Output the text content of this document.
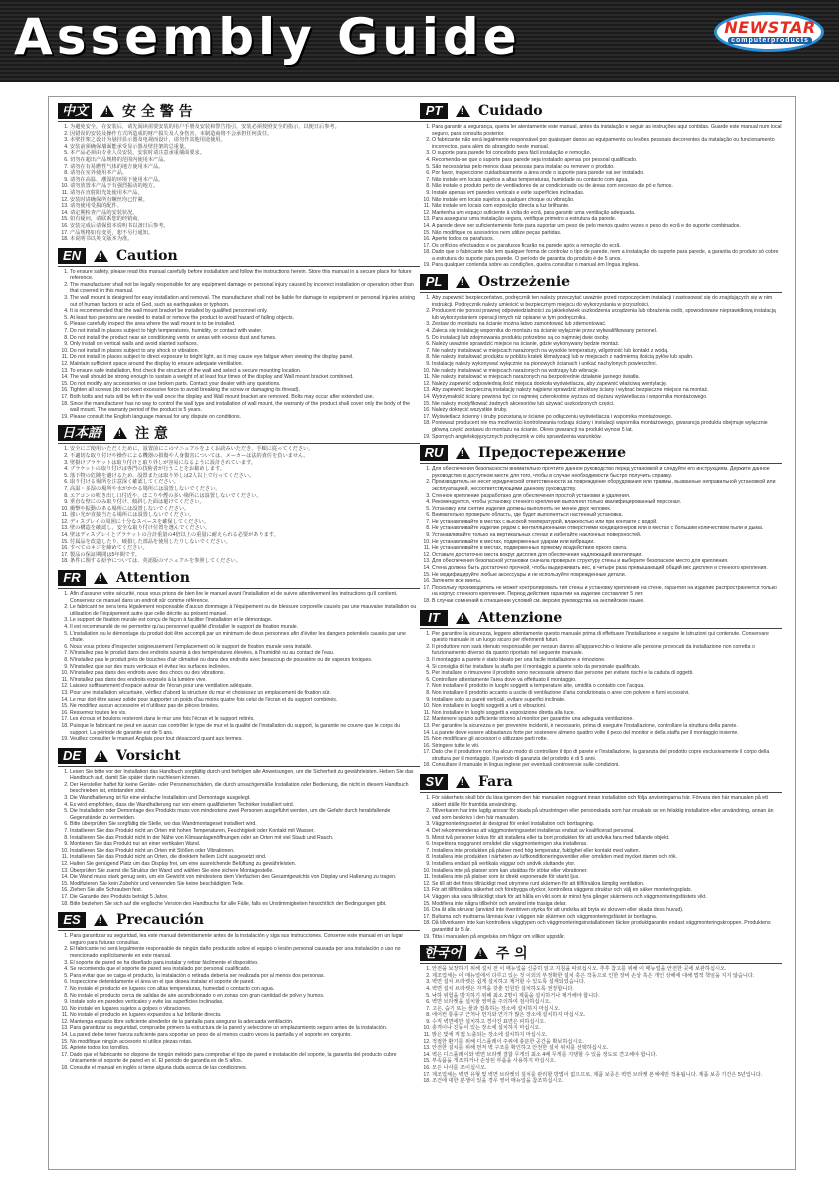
Assembly Guide	NEWSTAR
computerproducts
中文 ! 安 全 警 告
1. 为避免安全，在安装后，请先阅读需要安装的用户手册及安装和警告指引，安装必须按照安全的指示，以便日后参考。
2. 因错误的安装及操作方式所造成的财产损失及人身伤害，本制造商将不会承担任何责任。
3. 本壁挂架之设计为悬挂显示器及电视而设计，请勿作其他用途使用。
4. 安装前须确保墙面能承受显示器及壁挂架的总重量。
5. 本产品必须由专业人员安装，安装时请注意承重墙面要求。
6. 切勿在超出产品规格的范围内使用本产品。
7. 请勿在有易燃性气体的地方使用本产品。
8. 请勿在室外使用本产品。
9. 请勿在高温、潮湿的环境下使用本产品。
10. 请勿放置本产品于有强烈振动的地方。
11. 请勿在直射阳光处使用本产品。
12. 安装时请确保所有螺丝均已拧紧。
13. 请勿使用受损的配件。
14. 请定期检查产品的安装状况。
15. 如有疑问，请联系您的经销商。
16. 安装完成后请保留本说明书以备日后参考。
17. 产品规格如有变更，恕不另行通知。
18. 本说明书以英文版本为准。
EN !	Caution
1. To ensure safety, please read this manual carefully before installation and follow the instructions herein. Store this manual in a secure place for future reference.
2. The manufacturer shall not be legally responsible for any equipment damage or personal injury caused by incorrect installation or operation other than that covered in this manual.
3. The wall mount is designed for easy installation and removal. The manufacturer shall not be liable for damage to equipment or personal injuries arising out of human factors or acts of God, such as earthquakes or typhoon.
4. It is recommended that the wall mount bracket be installed by qualified personnel only.
5. At least two persons are needed to install or remove the product to avoid hazard of falling objects.
6. Please carefully inspect the area where the wall mount is to be installed.
7. Do not install in places subject to high temperatures, humidity, or contact with water.
8. Do not install the product near air conditioning vents or areas with excess dust and fumes.
9. Only install on vertical walls and avoid slanted surfaces.
10. Do not install in places subject to any shock or vibration.
11. Do not install in places subject to direct exposure to bright light, as it may cause eye fatigue when viewing the display panel.
12. Maintain sufficient space around the display to ensure adequate ventilation.
13. To ensure safe installation, first check the structure of the wall and select a secure mounting location.
14. The wall should be strong enough to sustain a weight of at least four times of the display and Wall mount bracket combined.
15. Do not modify any accessories or use broken parts. Contact your dealer with any questions.
16. Tighten all screws (do not exert excessive force to avoid breaking the screw or damaging its thread).
17. Both bolts and nuts will be left in the wall once the display and Wall mount bracket are removed. Bolts may occur after extended use.
18. Since the manufacturer has no way to control the wall type and installation of wall mount, the warranty of the product shall cover only the body of the wall mount. The warranty period of the product is 5 years.
19. Please consult the English language manual for any dispute on conditions.
日本語 ! 注 意
1. 安全にご使用いただくために、設置前にこのマニュアルをよくお読みいただき、手順に従ってください。
2. 不適切な取り付けや操作による機器の損傷や人身傷害については、メーカーは法的責任を負いません。
3. 壁掛けブラケットは取り付けと取り外しが容易になるように設計されています。
4. ブラケットの取り付けは専門の技術者が行うことをお勧めします。
5. 落下物の危険を避けるため、設置または取り外しは2人以上で行ってください。
6. 取り付ける場所を注意深く確認してください。
7. 高温・多湿の場所や水がかかる場所には設置しないでください。
8. エアコンの吹き出し口付近や、ほこりや煙の多い場所には設置しないでください。
9. 垂直な壁にのみ取り付け、傾斜した面は避けてください。
10. 衝撃や振動のある場所には設置しないでください。
11. 強い光が直接当たる場所には設置しないでください。
12. ディスプレイの周囲に十分なスペースを確保してください。
13. 壁の構造を確認し、安全な取り付け位置を選んでください。
14. 壁はディスプレイとブラケットの合計重量の4倍以上の重量に耐えられる必要があります。
15. 付属品を改造したり、破損した部品を使用したりしないでください。
16. すべてのネジを締めてください。
17. 製品の保証期間は5年間です。
18. 条件に関する紛争については、英語版のマニュアルを参照してください。
FR !	Attention
1. Afin d'assurer votre sécurité, nous vous prions de bien lire le manuel avant l'installation et de suivre attentivement les instructions qu'il contient. Conservez ce manuel dans un endroit sûr comme référence.
2. Le fabricant ne sera tenu légalement responsable d'aucun dommage à l'équipement ou de blessure corporelle causés par une mauvaise installation ou utilisation de l'équipement autre que celle décrite au présent manuel.
3. Le support de fixation murale est conçu de façon à faciliter l'installation et le démontage.
4. Il est recommandé de ne permettre qu'au personnel qualifié d'installer le support de fixation murale.
5. L'installation ou le démontage du produit doit être accompli par un minimum de deux personnes afin d'éviter les dangers potentiels causés par une chute.
6. Nous vous prions d'inspecter soigneusement l'emplacement où le support de fixation murale sera installé.
7. N'installez pas le produit dans des endroits soumis à des températures élevées, à l'humidité ou au contact de l'eau.
8. N'installez pas le produit près de bouches d'air climatisé ou dans des endroits avec beaucoup de poussière ou de vapeurs toxiques.
9. N'installez que sur des murs verticaux et évitez les surfaces inclinées.
10. N'installez pas dans des endroits avec des chocs ou des vibrations.
11. N'installez pas dans des endroits exposés à la lumière vive.
12. Laissez suffisamment d'espace autour de l'écran pour une ventilation adéquate.
13. Pour une installation sécuritaire, vérifiez d'abord la structure du mur et choisissez un emplacement de fixation sûr.
14. Le mur doit être assez solide pour supporter un poids d'au moins quatre fois celui de l'écran et du support combinés.
15. Ne modifiez aucun accessoire et n'utilisez pas de pièces brisées.
16. Resserrez toutes les vis.
17. Les écrous et boulons resteront dans le mur une fois l'écran et le support retirés.
18. Puisque le fabricant ne peut en aucun cas contrôler le type de mur et la qualité de l'installation du support, la garantie ne couvre que le corps du support. La période de garantie est de 5 ans.
19. Veuillez consulter le manuel Anglais pour tout désaccord quant aux termes.
DE !	Vorsicht
1. Lesen Sie bitte vor der Installation das Handbuch sorgfältig durch und befolgen alle Anweisungen, um die Sicherheit zu gewährleisten. Heben Sie das Handbuch auf, damit Sie später darin nachlesen können.
2. Der Hersteller haftet für keine Geräte- oder Personenschäden, die durch unsachgemäße Installation oder Bedienung, die nicht in diesem Handbuch beschrieben ist, entstanden sind.
3. Die Wandhalterung ist für eine einfache Installation und Demontage ausgelegt.
4. Es wird empfohlen, dass die Wandhalterung nur von einem qualifizierten Techniker installiert wird.
5. Die Installation oder Demontage des Produkts muss von mindestens zwei Personen ausgeführt werden, um die Gefahr durch herabfallende Gegenstände zu vermeiden.
6. Bitte überprüfen Sie sorgfältig die Stelle, wo das Wandmontageset installiert wird.
7. Installieren Sie das Produkt nicht an Orten mit hohen Temperaturen, Feuchtigkeit oder Kontakt mit Wasser.
8. Installieren Sie das Produkt nicht in der Nähe von Klimaanlagenöffnungen oder an Orten mit viel Staub und Rauch.
9. Montieren Sie das Produkt nur an einer vertikalen Wand.
10. Installieren Sie das Produkt nicht an Orten mit Stößen oder Vibrationen.
11. Installieren Sie das Produkt nicht an Orten, die direktem hellem Licht ausgesetzt sind.
12. Halten Sie genügend Platz um das Display frei, um eine ausreichende Belüftung zu gewährleisten.
13. Überprüfen Sie zuerst die Struktur der Wand und wählen Sie eine sichere Montagestelle.
14. Die Wand muss stark genug sein, um ein Gewicht von mindestens dem Vierfachen des Gesamtgewichts von Display und Halterung zu tragen.
15. Modifizieren Sie kein Zubehör und verwenden Sie keine beschädigten Teile.
16. Ziehen Sie alle Schrauben fest.
17. Die Garantie des Produkts beträgt 5 Jahre.
18. Bitte beziehen Sie sich auf die englische Version des Handbuchs für alle Fälle, falls es Unstimmigkeiten hinsichtlich der Bedingungen gibt.
ES !	Precaución
1. Para garantizar su seguridad, lea este manual detenidamente antes de la instalación y siga sus instrucciones. Conserve este manual en un lugar seguro para futuras consultas.
2. El fabricante no será legalmente responsable de ningún daño producido sobre el equipo o lesión personal causada por una instalación o uso no mencionado explícitamente en este manual.
3. El soporte de pared se ha diseñado para instalar y retirar fácilmente el dispositivo.
4. Se recomienda que el soporte de pared sea instalado por personal cualificado.
5. Para evitar que se caiga el producto, la instalación o retirada debería ser realizada por al menos dos personas.
6. Inspeccione detenidamente el área en el que desea instalar el soporte de pared.
7. No instale el producto en lugares con altas temperaturas, humedad o contacto con agua.
8. No instale el producto cerca de salidas de aire acondicionado o en zonas con gran cantidad de polvo y humos.
9. Instale solo en paredes verticales y evite las superficies inclinadas.
10. No instale en lugares sujetos a golpes o vibraciones.
11. No instale el producto en lugares expuestos a luz brillante directa.
12. Mantenga espacio libre suficiente alrededor de la pantalla para asegurar la adecuada ventilación.
13. Para garantizar su seguridad, compruebe primero la estructura de la pared y seleccione un emplazamiento seguro antes de la instalación.
14. La pared debe tener fuerza suficiente para soportar un peso de al menos cuatro veces la pantalla y el soporte en conjunto.
15. No modifique ningún accesorio ni utilice piezas rotas.
16. Apriete todos los tornillos.
17. Dado que el fabricante no dispone de ningún método para comprobar el tipo de pared e instalación del soporte, la garantía del producto cubre únicamente el soporte de pared en sí. El periodo de garantía es de 5 años.
18. Consulte el manual en inglés si tiene alguna duda acerca de las condiciones.
PT !	Cuidado
1. Para garantir a segurança, queira ler atentamente este manual, antes da instalação e seguir as instruções aqui contidas. Guarde este manual num local seguro, para consulta posterior.
2. O fabricante não será legalmente responsável por quaisquer danos ao equipamento ou lesões pessoais decorrentes da instalação ou funcionamento incorrectos, para além do abrangido neste manual.
3. O suporte para parede foi concebido para fácil instalação e remoção.
4. Recomenda-se que o suporte para parede seja instalado apenas por pessoal qualificado.
5. São necessárias pelo menos duas pessoas para instalar ou remover o produto.
6. Por favor, inspeccione cuidadosamente a área onde o suporte para parede vai ser instalado.
7. Não instale em locais sujeitos a altas temperaturas, humidade ou contacto com água.
8. Não instale o produto perto de ventiladores de ar condicionado ou de áreas com excesso de pó e fumos.
9. Instale apenas em paredes verticais e evite superfícies inclinadas.
10. Não instale em locais sujeitos a qualquer choque ou vibração.
11. Não instale em locais com exposição directa a luz brilhante.
12. Mantenha um espaço suficiente à volta do ecrã, para garantir uma ventilação adequada.
13. Para assegurar uma instalação segura, verifique primeiro a estrutura da parede.
14. A parede deve ser suficientemente forte para suportar um peso de pelo menos quatro vezes o peso do ecrã e do suporte combinados.
15. Não modifique os acessórios nem utilize peças partidas.
16. Aperte todos os parafusos.
17. Os orifícios efectuados e os parafusos ficarão na parede após a remoção do ecrã.
18. Dado que o fabricante não tem qualquer forma de controlar o tipo de parede, nem a instalação do suporte para parede, a garantia do produto só cobre a estrutura do suporte para parede. O período de garantia do produto é de 5 anos.
19. Para qualquer contenda sobre as condições, queira consultar o manual em língua inglesa.
PL !	Ostrzeżenie
1. Aby zapewnić bezpieczeństwo, podręcznik ten należy przeczytać uważnie przed rozpoczęciem instalacji i zastosować się do znajdujących się w nim instrukcji. Podręcznik należy umieścić w bezpiecznym miejscu do wykorzystania w przyszłości.
2. Producent nie ponosi prawnej odpowiedzialności za jakiekolwiek uszkodzenia urządzenia lub obrażenia osób, spowodowane nieprawidłową instalacją lub wykorzystaniem operacji innych niż opisane w tym podręczniku.
3. Zestaw do montażu na ścianie można łatwo zamontować lub zdemontować.
4. Zaleca się instalację wspornika do montażu na ścianie wyłącznie przez wykwalifikowany personel.
5. Do instalacji lub zdejmowania produktu potrzebne są co najmniej dwie osoby.
6. Należy uważnie sprawdzić miejsce na ścianie, gdzie wykonywany będzie montaż.
7. Nie należy instalować w miejscach narażonych na wysokie temperatury, wilgotność lub kontakt z wodą.
8. Nie należy instalować produktu w pobliżu kratek klimatyzacji lub w miejscach z nadmierną ilością pyłów lub spalin.
9. Instalację należy wykonywać wyłącznie na pionowych ścianach i unikać nachylonych powierzchni.
10. Nie należy instalować w miejscach narażonych na wstrząsy lub wibracje.
11. Nie należy instalować w miejscach narażonych na bezpośrednie działanie jasnego światła.
12. Należy zapewnić odpowiednią ilość miejsca dookoła wyświetlacza, aby zapewnić właściwą wentylację.
13. Aby zapewnić bezpieczną instalację należy najpierw sprawdzić strukturę ściany i wybrać bezpieczne miejsce na montaż.
14. Wytrzymałość ściany powinna być co najmniej czterokrotnie wyższa od ciężaru wyświetlacza i wspornika montażowego.
15. Nie należy modyfikować żadnych akcesoriów lub używać uszkodzonych części.
16. Należy dokręcić wszystkie śruby.
17. Wyświetlacz ścienny i śruby pozostaną w ścianie po odłączeniu wyświetlacza i wspornika montażowego.
18. Ponieważ producent nie ma możliwości kontrolowania rodzaju ściany i instalacji wspornika montażowego, gwarancja produktu obejmuje wyłącznie główną część zestawu do montażu na ścianie. Okres gwarancji na produkt wynosi 5 lat.
19. Spornych angielskojęzycznych podręcznik w celu sprawdzenia warunków.
RU !	Предостережение
1. Для обеспечения безопасности внимательно прочтите данное руководство перед установкой и следуйте его инструкциям. Держите данное руководство в доступном месте для того, чтобы в случае необходимости быстро получить справку.
2. Производитель не несет юридической ответственности за повреждение оборудования или травмы, вызванные неправильной установкой или эксплуатацией, несоответствующими данному руководству.
3. Стенное крепление разработано для обеспечения простой установки и удаления.
4. Рекомендуется, чтобы установку стенного крепления выполнял только квалифицированный персонал.
5. Установку или снятие изделия должны выполнять не менее двух человек.
6. Внимательно проверьте область, где будет выполняться настенный установка.
7. Не устанавливайте в местах с высокой температурой, влажностью или при контакте с водой.
8. Не устанавливайте изделие рядом с вентиляционными отверстиями кондиционеров или в местах с большим количеством пыли и дыма.
9. Устанавливайте только на вертикальных стенах и избегайте наклонных поверхностей.
10. Не устанавливайте в местах, подверженных ударам или вибрации.
11. Не устанавливайте в местах, подверженных прямому воздействию яркого света.
12. Оставьте достаточно места вокруг дисплея для обеспечения надлежащей вентиляции.
13. Для обеспечения безопасной установки сначала проверьте структуру стены и выберите безопасное место для крепления.
14. Стена должна быть достаточно прочной, чтобы выдерживать вес, в четыре раза превышающий общий вес дисплея и стенного крепления.
15. Не модифицируйте любые аксессуары и не используйте поврежденные детали.
16. Затяните все винты.
17. Поскольку производитель не может контролировать тип стены и установку крепления на стене, гарантия на изделие распространяется только на корпус стенного крепления. Период действия гарантии на изделие составляет 5 лет.
18. В случае сомнений в отношении условий см. версию руководства на английском языке.
IT !	Attenzione
1. Per garantire la sicurezza, leggere attentamente questo manuale prima di effettuare l'installazione e seguire le istruzioni qui contenute. Conservare questo manuale in un luogo sicuro per riferimenti futuri.
2. Il produttore non sarà ritenuto responsabile per nessun danno all'apparecchio o lesione alle persone provocati da installazione non corretta o funzionamento diverso da quanto riportato nel seguente manuale.
3. Il montaggio a parete è stato ideato per una facile installazione e rimozione.
4. Si consiglia di far installare la staffa per il montaggio a parete solo da personale qualificato.
5. Per installare o rimuovere il prodotto sono necessarie almeno due persone per evitare rischi e la caduta di oggetti.
6. Controllare attentamente l'area dove va effettuato il montaggio.
7. Non installare il prodotto in luoghi soggetti a temperature alte, umidità o contatto con l'acqua.
8. Non installare il prodotto accanto a uscite di ventilazione d'aria condizionata o aree con polvere e fumi eccessivi.
9. Installare solo su pareti verticali, evitare superfici inclinate.
10. Non installare in luoghi soggetti a urti o vibrazioni.
11. Non installare in luoghi soggetti a esposizione diretta alla luce.
12. Mantenere spazio sufficiente intorno al monitor per garantire una adeguata ventilazione.
13. Per garantire la sicurezza e per prevenire incidenti, è necessario, prima di eseguire l'installazione, controllare la struttura della parete.
14. La parete deve essere abbastanza forte per sostenere almeno quattro volte il peso del monitor e della staffa per il montaggio insieme.
15. Non modificare gli accessori o utilizzare parti rotte.
16. Stringere tutte le viti.
17. Dato che il produttore non ha alcun modo di controllare il tipo di parete e l'installazione, la garanzia del prodotto copre esclusivamente il corpo della struttura per il montaggio. Il periodo di garanzia del prodotto è di 5 anni.
18. Consultare il manuale in lingua inglese per eventuali controversie sulle condizioni.
SV !	Fara
1. För säkerhets skull bör du läsa igenom den här manualen noggrant innan installation och följa anvisningarna här. Förvara den här manualen på ett säkert ställe för framtida användning.
2. Tillverkaren har inte laglig ansvar för skada på utrustningen eller personskada som har orsakats av en felaktig installation eller användning, annan än vad som beskrivs i den här manualen.
3. Väggmonteringssetet är designat för enkel installation och borttagning.
4. Det rekommenderas att väggmonteringssetet installeras endast av kvalificerad personal.
5. Minst två personer krävs för att installera eller ta bort produkten för att undvika fara med fallande objekt.
6. Inspektera noggrannt området där väggmonteringen ska installeras.
7. Installera inte produkten på platser med hög temperatur, fuktighet eller kontakt med vatten.
8. Installera inte produkten i närheten av luftkonditioneringsventiler eller områden med mycket damm och rök.
9. Installera endast på vertikala väggar och undvik sluttande ytor.
10. Installera inte på platser som kan utsättas för stötar eller vibrationer.
11. Installera inte på platser som är direkt exponerade för starkt ljus.
12. Se till att det finns tillräckligt med utrymme runt skärmen för att tillförsäkra lämplig ventilation.
13. För att tillförsäkra säkerhet och förebygga olyckor, kontrollera väggens struktur och välj en säker monteringsplats.
14. Väggen ska vara tillräckligt stark för att hålla en vikt som är minst fyra gånger skärmens och väggmonteringsfästets vikt.
15. Modifiera inte några tillbehör och använd inte trasiga delar.
16. Dra åt alla skruvar (använd inte överdriven styrka för att undvika att bryta av skruven eller skada dess huvud).
17. Bultarna och muttrarna lämnas kvar i väggen när skärmen och väggmonteringsfästet är borttagna.
18. Då tillverkaren inte kan kontrollera väggtypen och väggmonteringsinstallationen täcker produktgarantin endast väggmonteringskroppen. Produktens garantitid är 5 år.
19. Titta i manualen på engelska om frågor om villkor uppstår.
한국어 ! 주 의
1. 안전을 보장하기 위해 설치 전 이 매뉴얼을 신중히 읽고 지침을 따르십시오. 추후 참고를 위해 이 매뉴얼을 안전한 곳에 보관하십시오.
2. 제조업체는 이 매뉴얼에서 다루고 있는 것 이외의 부정확한 설치 혹은 작동으로 인한 장비 손상 혹은 개인 상해에 대해 법적 책임을 지지 않습니다.
3. 벽면 설치 브라켓은 쉽게 설치하고 제거할 수 있도록 설계되었습니다.
4. 벽면 설치 브라켓은 자격을 갖춘 인원만 설치하도록 권장합니다.
5. 낙하 위험을 방지하기 위해 최소 2명이 제품을 설치하거나 제거해야 합니다.
6. 벽면 브라켓을 설치할 영역을 주의하여 검사하십시오.
7. 고온, 습기 또는 물과 접촉하는 장소에 설치하지 마십시오.
8. 에어컨 통풍구 근처나 먼지와 연기가 많은 장소에 설치하지 마십시오.
9. 수직 벽면에만 설치하고 경사진 표면은 피하십시오.
10. 충격이나 진동이 있는 장소에 설치하지 마십시오.
11. 밝은 빛에 직접 노출되는 장소에 설치하지 마십시오.
12. 적절한 환기를 위해 디스플레이 주위에 충분한 공간을 확보하십시오.
13. 안전한 설치를 위해 먼저 벽 구조를 확인하고 안전한 설치 위치를 선택하십시오.
14. 벽은 디스플레이와 벽면 브라켓 결합 무게의 최소 4배 무게를 지탱할 수 있을 정도로 견고해야 합니다.
15. 부속품을 개조하거나 손상된 부품을 사용하지 마십시오.
16. 모든 나사를 조이십시오.
17. 제조업체는 벽면 유형 및 벽면 브라켓의 설치를 관리할 방법이 없으므로, 제품 보증은 벽면 브라켓 본체에만 적용됩니다. 제품 보증 기간은 5년입니다.
18. 조건에 대한 분쟁이 있을 경우 영어 매뉴얼을 참조하십시오.
